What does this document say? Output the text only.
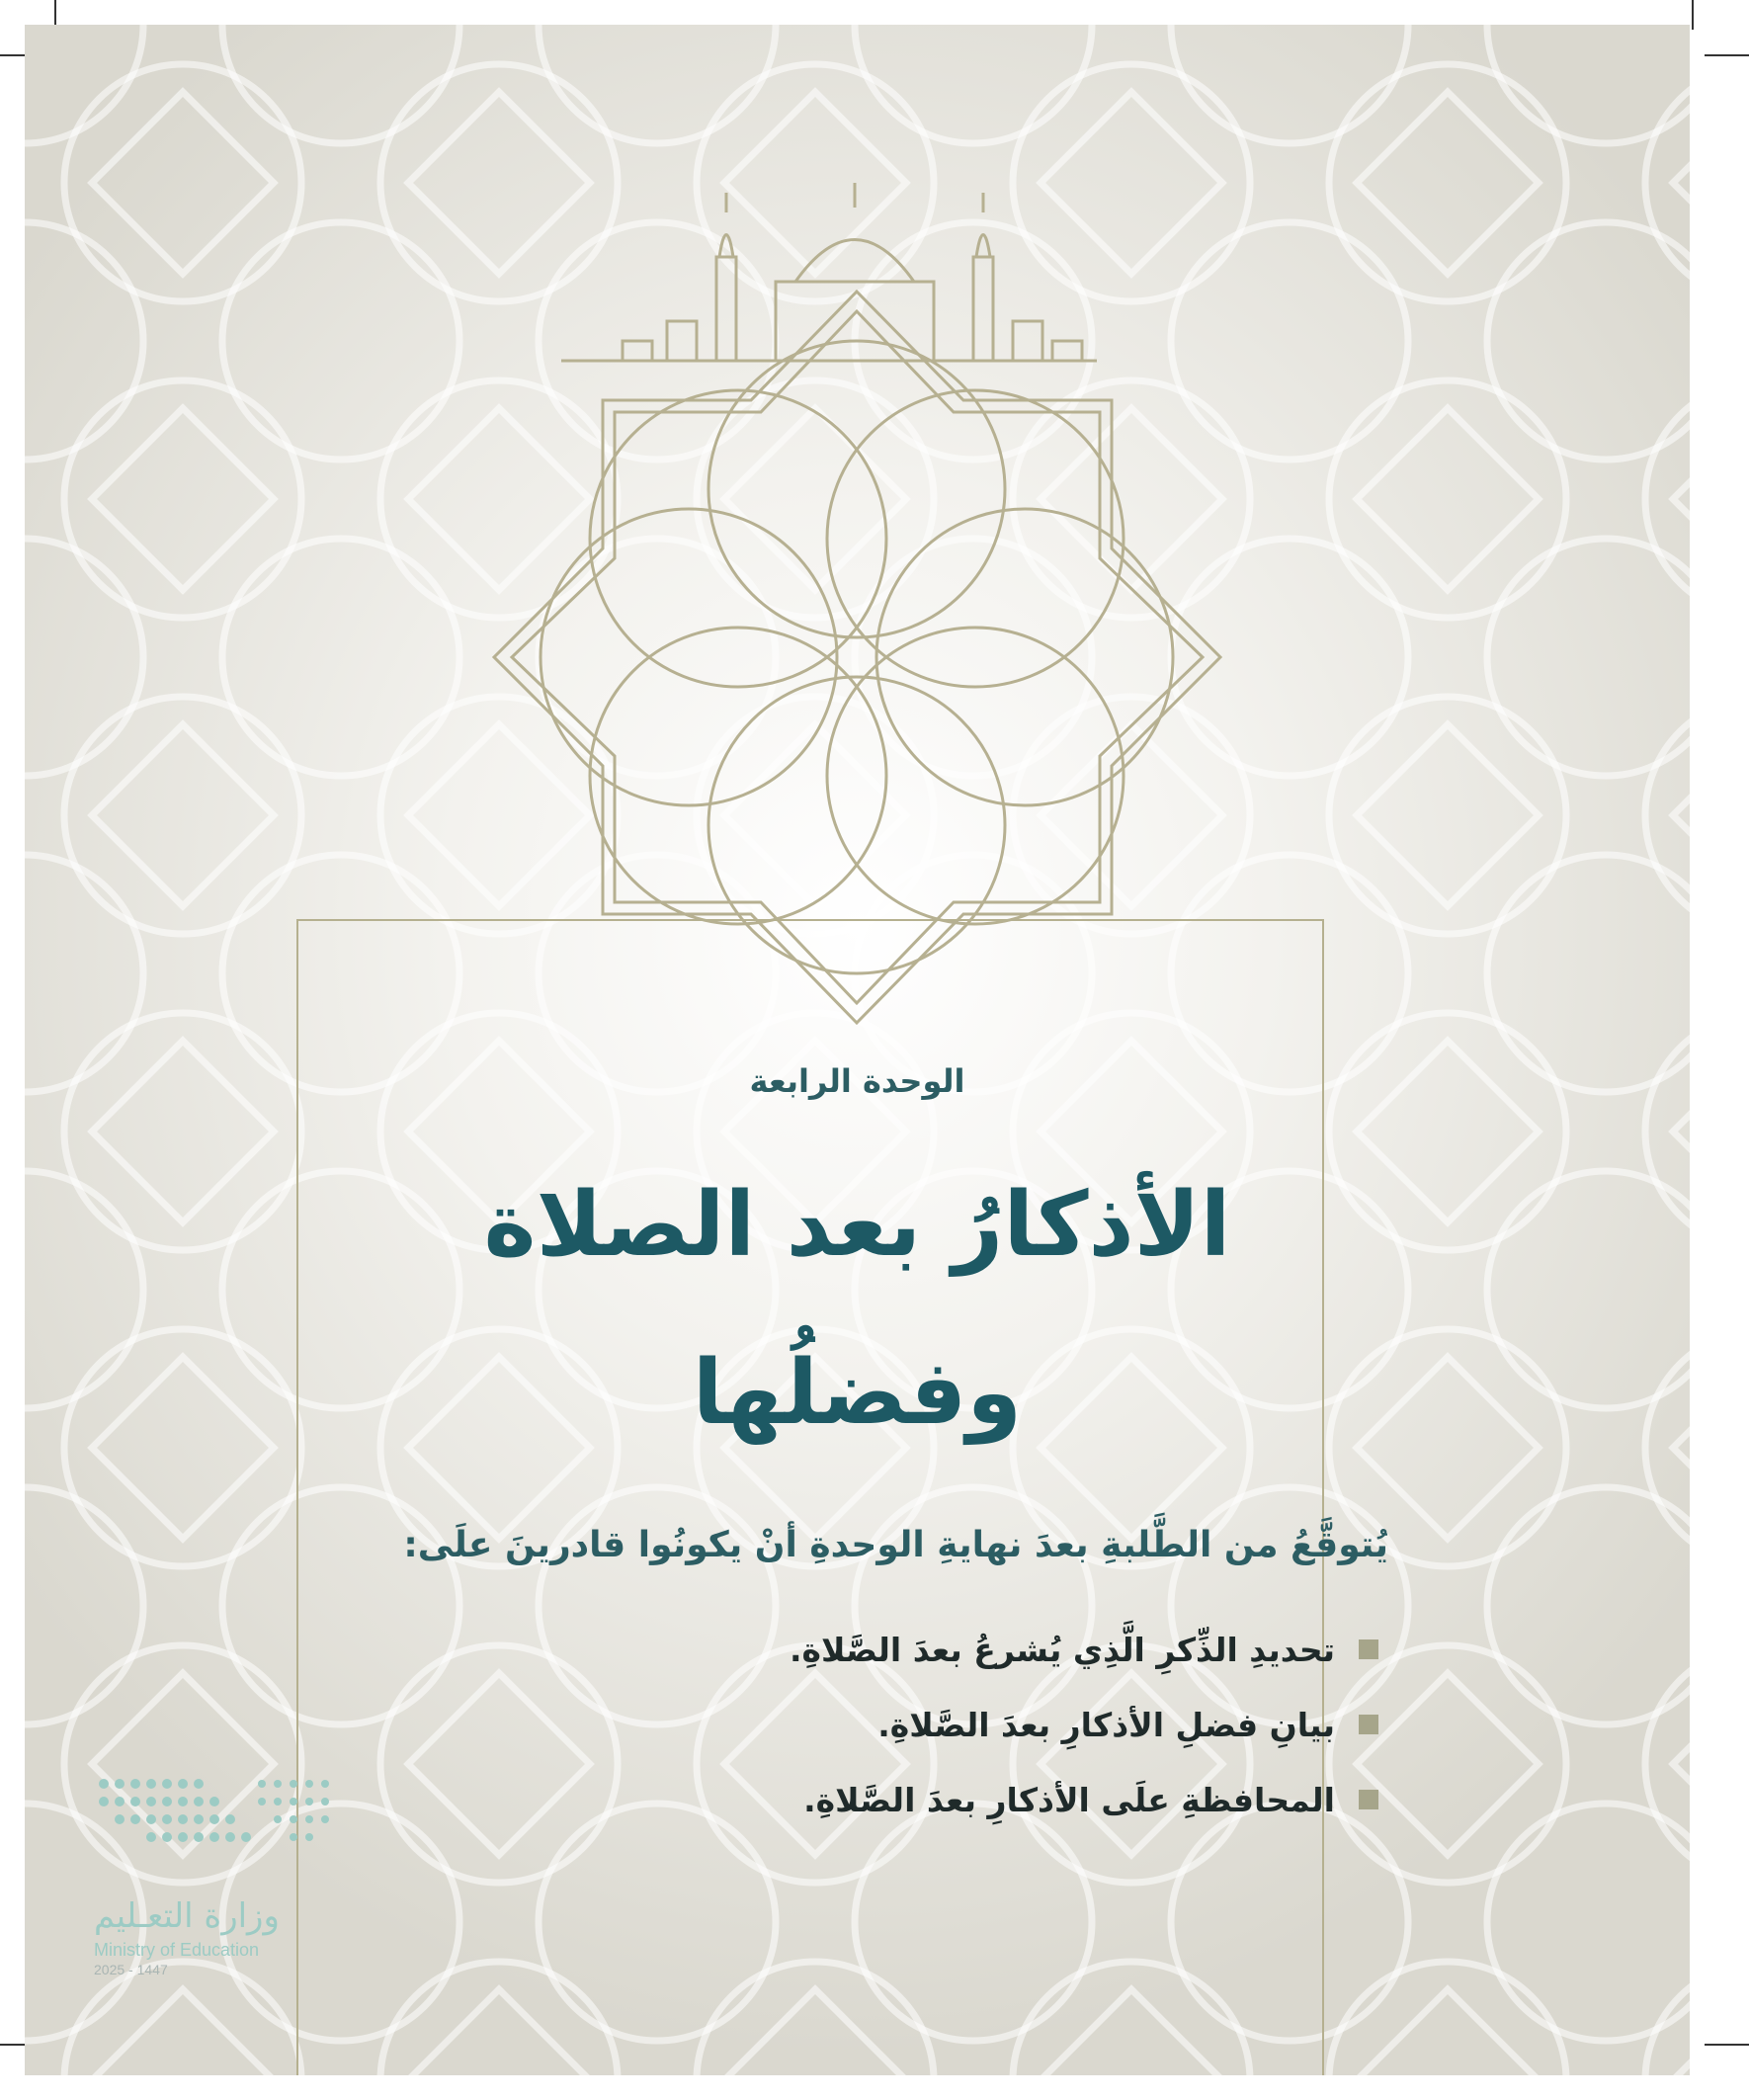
الوحدة الرابعة
الأذكارُ بعد الصلاة
وفضلُها
يُتوقَّعُ من الطَّلبةِ بعدَ نهايةِ الوحدةِ أنْ يكونُوا قادرينَ علَى:
تحديدِ الذِّكرِ الَّذِي يُشرعُ بعدَ الصَّلاةِ.
بيانِ فضلِ الأذكارِ بعدَ الصَّلاةِ.
المحافظةِ علَى الأذكارِ بعدَ الصَّلاةِ.
وزارة التعـليم
Ministry of Education
2025 - 1447
